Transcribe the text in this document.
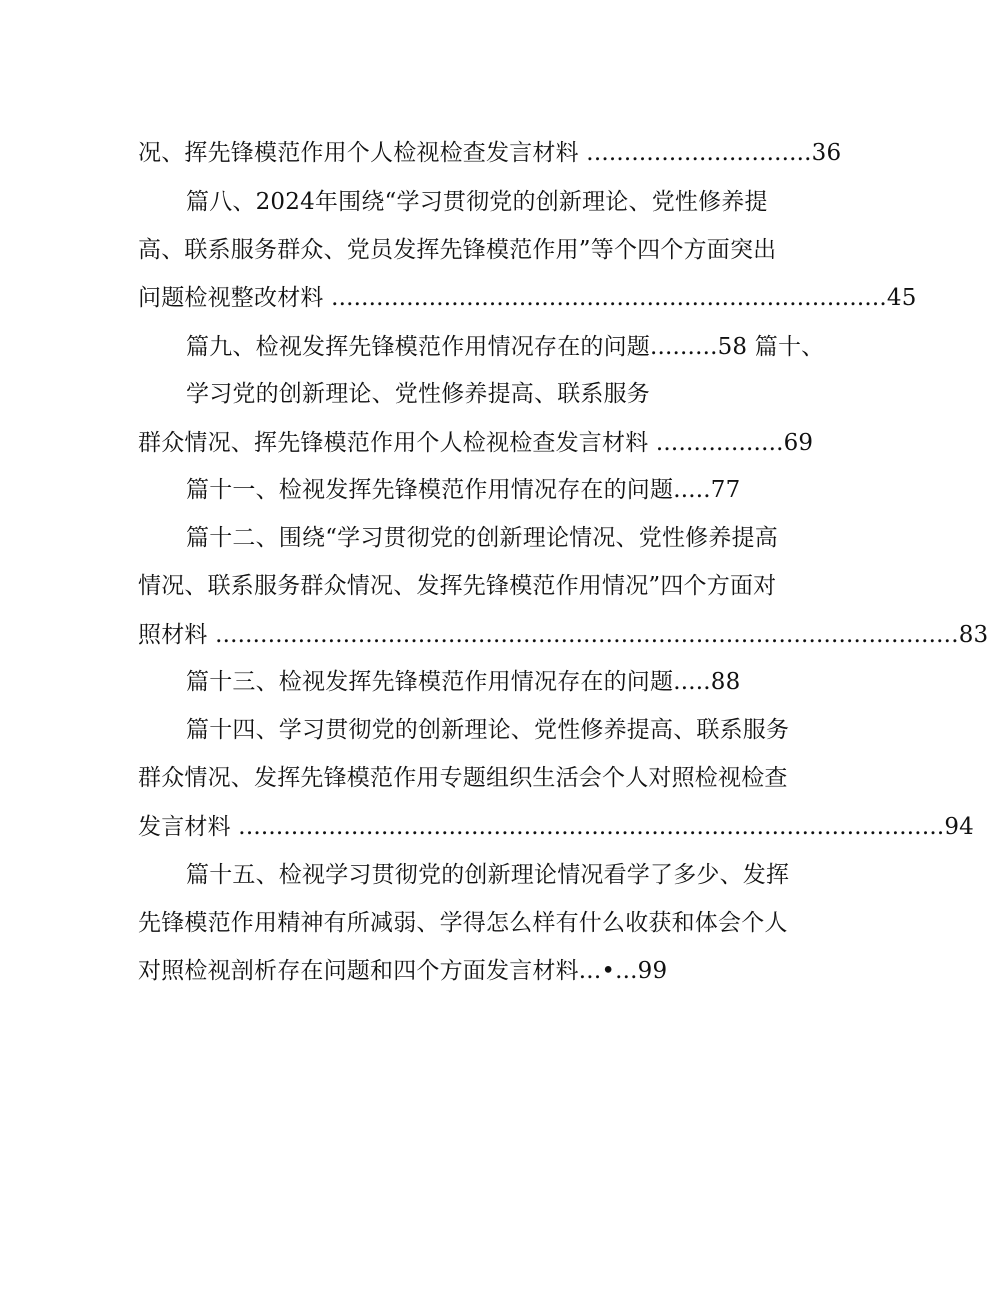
况、挥先锋模范作用个人检视检查发言材料 ..............................36
篇八、2024年围绕“学习贯彻党的创新理论、党性修养提
高、联系服务群众、党员发挥先锋模范作用”等个四个方面突出
问题检视整改材料 ..........................................................................45
篇九、检视发挥先锋模范作用情况存在的问题.........58 篇十、
学习党的创新理论、党性修养提高、联系服务
群众情况、挥先锋模范作用个人检视检查发言材料 .................69
篇十一、检视发挥先锋模范作用情况存在的问题.....77
篇十二、围绕“学习贯彻党的创新理论情况、党性修养提高
情况、联系服务群众情况、发挥先锋模范作用情况”四个方面对
照材料 ...................................................................................................83
篇十三、检视发挥先锋模范作用情况存在的问题.....88
篇十四、学习贯彻党的创新理论、党性修养提高、联系服务
群众情况、发挥先锋模范作用专题组织生活会个人对照检视检查
发言材料 ..............................................................................................94
篇十五、检视学习贯彻党的创新理论情况看学了多少、发挥
先锋模范作用精神有所减弱、学得怎么样有什么收获和体会个人
对照检视剖析存在问题和四个方面发言材料...•...99
